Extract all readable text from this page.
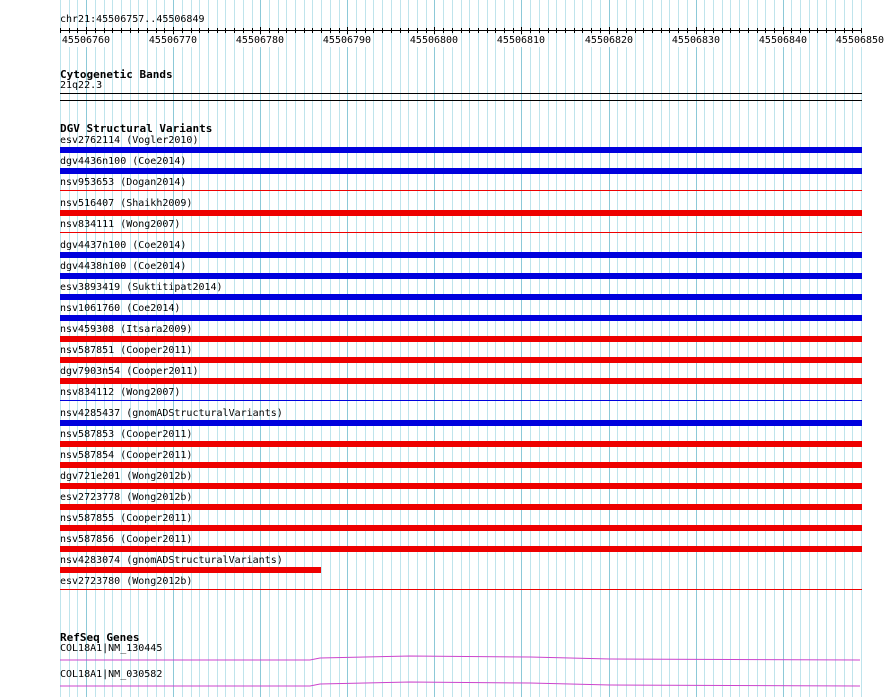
chr21:45506757..45506849
45506760	45506770	45506780	45506790	45506800	45506810	45506820	45506830	45506840	45506850
Cytogenetic Bands
21q22.3
DGV Structural Variants
esv2762114 (Vogler2010)
dgv4436n100 (Coe2014)
nsv953653 (Dogan2014)
nsv516407 (Shaikh2009)
nsv834111 (Wong2007)
dgv4437n100 (Coe2014)
dgv4438n100 (Coe2014)
esv3893419 (Suktitipat2014)
nsv1061760 (Coe2014)
nsv459308 (Itsara2009)
nsv587851 (Cooper2011)
dgv7903n54 (Cooper2011)
nsv834112 (Wong2007)
nsv4285437 (gnomADStructuralVariants)
nsv587853 (Cooper2011)
nsv587854 (Cooper2011)
dgv721e201 (Wong2012b)
esv2723778 (Wong2012b)
nsv587855 (Cooper2011)
nsv587856 (Cooper2011)
nsv4283074 (gnomADStructuralVariants)
esv2723780 (Wong2012b)
RefSeq Genes
COL18A1|NM_130445
COL18A1|NM_030582
